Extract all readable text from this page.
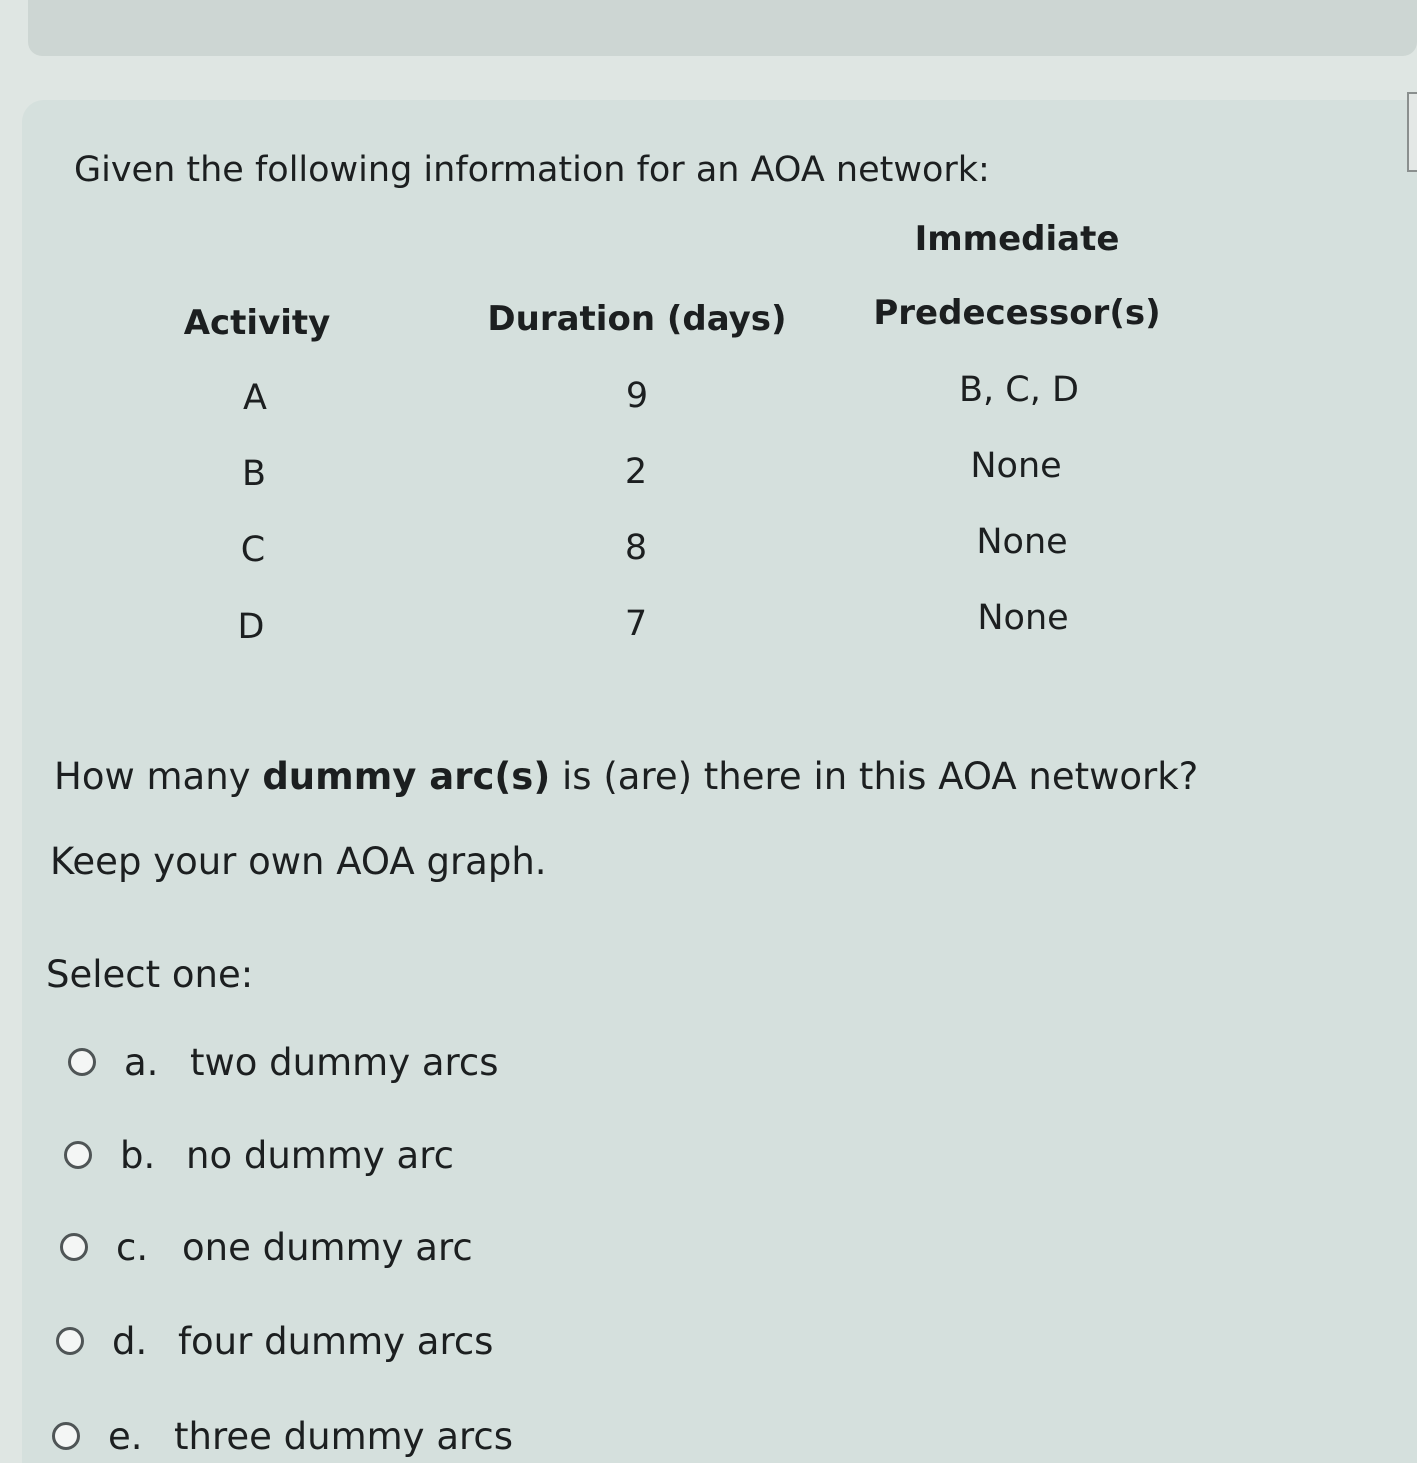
Given the following information for an AOA network:

Activity	Duration (days)
Immediate
Predecessor(s)
A	9	B, C, D
B	2	None
C	8	None
D	7	None
How many dummy arc(s) is (are) there in this AOA network?
Keep your own AOA graph.
Select one:
a. two dummy arcs
b. no dummy arc
c. one dummy arc
d. four dummy arcs
e. three dummy arcs
